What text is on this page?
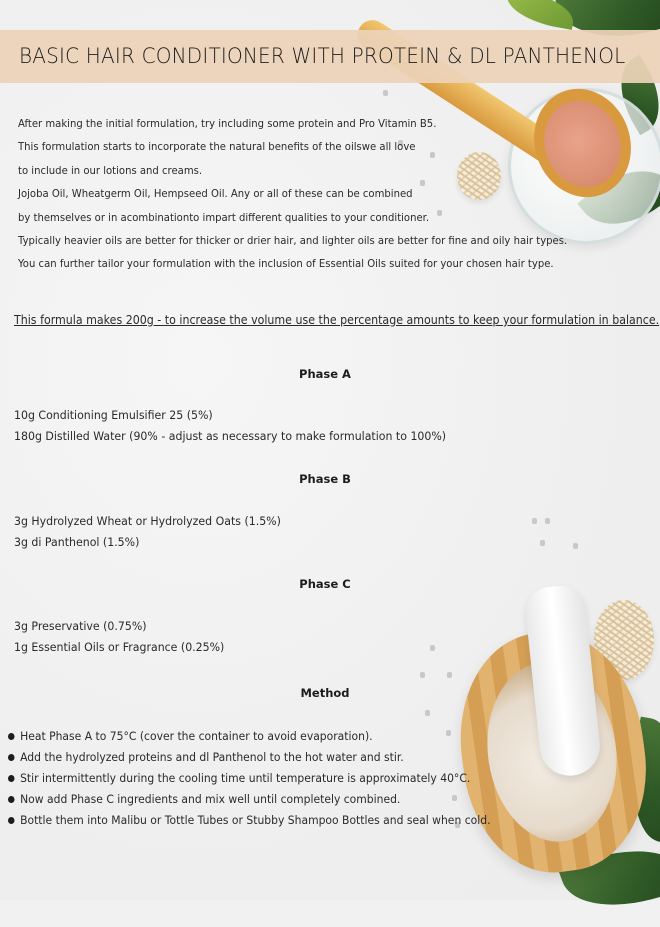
BASIC HAIR CONDITIONER WITH PROTEIN & DL PANTHENOL

After making the initial formulation, try including some protein and Pro Vitamin B5.

This formulation starts to incorporate the natural benefits of the oilswe all love

to include in our lotions and creams.

Jojoba Oil, Wheatgerm Oil, Hempseed Oil. Any or all of these can be combined

by themselves or in acombinationto impart different qualities to your conditioner.

Typically heavier oils are better for thicker or drier hair, and lighter oils are better for fine and oily hair types.

You can further tailor your formulation with the inclusion of Essential Oils suited for your chosen hair type.

This formula makes 200g - to increase the volume use the percentage amounts to keep your formulation in balance.
Phase A
10g Conditioning Emulsifier 25 (5%)
180g Distilled Water (90% - adjust as necessary to make formulation to 100%)
Phase B
3g Hydrolyzed Wheat or Hydrolyzed Oats (1.5%)
3g di Panthenol (1.5%)
Phase C
3g Preservative (0.75%)
1g Essential Oils or Fragrance (0.25%)
Method
Heat Phase A to 75°C (cover the container to avoid evaporation).
Add the hydrolyzed proteins and dl Panthenol to the hot water and stir.
Stir intermittently during the cooling time until temperature is approximately 40°C.
Now add Phase C ingredients and mix well until completely combined.
Bottle them into Malibu or Tottle Tubes or Stubby Shampoo Bottles and seal when cold.
